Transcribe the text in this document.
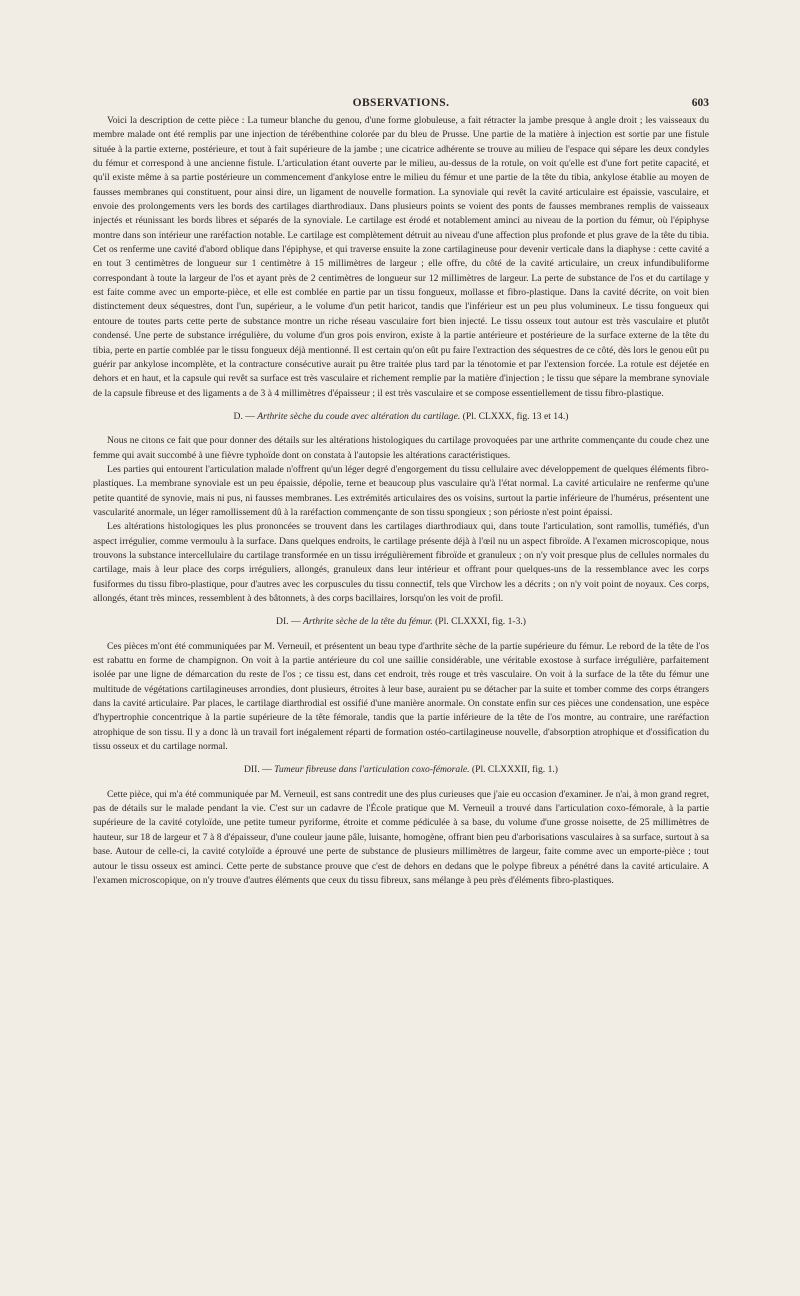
OBSERVATIONS.	603

Voici la description de cette pièce : La tumeur blanche du genou, d'une forme globuleuse, a fait rétracter la jambe presque à angle droit ; les vaisseaux du membre malade ont été remplis par une injection de térébenthine colorée par du bleu de Prusse. Une partie de la matière à injection est sortie par une fistule située à la partie externe, postérieure, et tout à fait supérieure de la jambe ; une cicatrice adhérente se trouve au milieu de l'espace qui sépare les deux condyles du fémur et correspond à une ancienne fistule. L'articulation étant ouverte par le milieu, au-dessus de la rotule, on voit qu'elle est d'une fort petite capacité, et qu'il existe même à sa partie postérieure un commencement d'ankylose entre le milieu du fémur et une partie de la tête du tibia, ankylose établie au moyen de fausses membranes qui constituent, pour ainsi dire, un ligament de nouvelle formation. La synoviale qui revêt la cavité articulaire est épaissie, vasculaire, et envoie des prolongements vers les bords des cartilages diarthrodiaux. Dans plusieurs points se voient des ponts de fausses membranes remplis de vaisseaux injectés et réunissant les bords libres et séparés de la synoviale. Le cartilage est érodé et notablement aminci au niveau de la portion du fémur, où l'épiphyse montre dans son intérieur une raréfaction notable. Le cartilage est complètement détruit au niveau d'une affection plus profonde et plus grave de la tête du tibia. Cet os renferme une cavité d'abord oblique dans l'épiphyse, et qui traverse ensuite la zone cartilagineuse pour devenir verticale dans la diaphyse : cette cavité a en tout 3 centimètres de longueur sur 1 centimètre à 15 millimètres de largeur ; elle offre, du côté de la cavité articulaire, un creux infundibuliforme correspondant à toute la largeur de l'os et ayant près de 2 centimètres de longueur sur 12 millimètres de largeur. La perte de substance de l'os et du cartilage y est faite comme avec un emporte-pièce, et elle est comblée en partie par un tissu fongueux, mollasse et fibro-plastique. Dans la cavité décrite, on voit bien distinctement deux séquestres, dont l'un, supérieur, a le volume d'un petit haricot, tandis que l'inférieur est un peu plus volumineux. Le tissu fongueux qui entoure de toutes parts cette perte de substance montre un riche réseau vasculaire fort bien injecté. Le tissu osseux tout autour est très vasculaire et plutôt condensé. Une perte de substance irrégulière, du volume d'un gros pois environ, existe à la partie antérieure et postérieure de la surface externe de la tête du tibia, perte en partie comblée par le tissu fongueux déjà mentionné. Il est certain qu'on eût pu faire l'extraction des séquestres de ce côté, dès lors le genou eût pu guérir par ankylose incomplète, et la contracture consécutive aurait pu être traitée plus tard par la ténotomie et par l'extension forcée. La rotule est déjetée en dehors et en haut, et la capsule qui revêt sa surface est très vasculaire et richement remplie par la matière d'injection ; le tissu que sépare la membrane synoviale de la capsule fibreuse et des ligaments a de 3 à 4 millimètres d'épaisseur ; il est très vasculaire et se compose essentiellement de tissu fibro-plastique.

D. — Arthrite sèche du coude avec altération du cartilage. (Pl. CLXXX, fig. 13 et 14.)

Nous ne citons ce fait que pour donner des détails sur les altérations histologiques du cartilage provoquées par une arthrite commençante du coude chez une femme qui avait succombé à une fièvre typhoïde dont on constata à l'autopsie les altérations caractéristiques.

Les parties qui entourent l'articulation malade n'offrent qu'un léger degré d'engorgement du tissu cellulaire avec développement de quelques éléments fibro-plastiques. La membrane synoviale est un peu épaissie, dépolie, terne et beaucoup plus vasculaire qu'à l'état normal. La cavité articulaire ne renferme qu'une petite quantité de synovie, mais ni pus, ni fausses membranes. Les extrémités articulaires des os voisins, surtout la partie inférieure de l'humérus, présentent une vascularité anormale, un léger ramollissement dû à la raréfaction commençante de son tissu spongieux ; son périoste n'est point épaissi.

Les altérations histologiques les plus prononcées se trouvent dans les cartilages diarthrodiaux qui, dans toute l'articulation, sont ramollis, tuméfiés, d'un aspect irrégulier, comme vermoulu à la surface. Dans quelques endroits, le cartilage présente déjà à l'œil nu un aspect fibroïde. A l'examen microscopique, nous trouvons la substance intercellulaire du cartilage transformée en un tissu irrégulièrement fibroïde et granuleux ; on n'y voit presque plus de cellules normales du cartilage, mais à leur place des corps irréguliers, allongés, granuleux dans leur intérieur et offrant pour quelques-uns de la ressemblance avec les corps fusiformes du tissu fibro-plastique, pour d'autres avec les corpuscules du tissu connectif, tels que Virchow les a décrits ; on n'y voit point de noyaux. Ces corps, allongés, étant très minces, ressemblent à des bâtonnets, à des corps bacillaires, lorsqu'on les voit de profil.

DI. — Arthrite sèche de la tête du fémur. (Pl. CLXXXI, fig. 1-3.)

Ces pièces m'ont été communiquées par M. Verneuil, et présentent un beau type d'arthrite sèche de la partie supérieure du fémur. Le rebord de la tête de l'os est rabattu en forme de champignon. On voit à la partie antérieure du col une saillie considérable, une véritable exostose à surface irrégulière, parfaitement isolée par une ligne de démarcation du reste de l'os ; ce tissu est, dans cet endroit, très rouge et très vasculaire. On voit à la surface de la tête du fémur une multitude de végétations cartilagineuses arrondies, dont plusieurs, étroites à leur base, auraient pu se détacher par la suite et tomber comme des corps étrangers dans la cavité articulaire. Par places, le cartilage diarthrodial est ossifié d'une manière anormale. On constate enfin sur ces pièces une condensation, une espèce d'hypertrophie concentrique à la partie supérieure de la tête fémorale, tandis que la partie inférieure de la tête de l'os montre, au contraire, une raréfaction atrophique de son tissu. Il y a donc là un travail fort inégalement réparti de formation ostéo-cartilagineuse nouvelle, d'absorption atrophique et d'ossification du tissu osseux et du cartilage normal.

DII. — Tumeur fibreuse dans l'articulation coxo-fémorale. (Pl. CLXXXII, fig. 1.)

Cette pièce, qui m'a été communiquée par M. Verneuil, est sans contredit une des plus curieuses que j'aie eu occasion d'examiner. Je n'ai, à mon grand regret, pas de détails sur le malade pendant la vie. C'est sur un cadavre de l'École pratique que M. Verneuil a trouvé dans l'articulation coxo-fémorale, à la partie supérieure de la cavité cotyloïde, une petite tumeur pyriforme, étroite et comme pédiculée à sa base, du volume d'une grosse noisette, de 25 millimètres de hauteur, sur 18 de largeur et 7 à 8 d'épaisseur, d'une couleur jaune pâle, luisante, homogène, offrant bien peu d'arborisations vasculaires à sa surface, surtout à sa base. Autour de celle-ci, la cavité cotyloïde a éprouvé une perte de substance de plusieurs millimètres de largeur, faite comme avec un emporte-pièce ; tout autour le tissu osseux est aminci. Cette perte de substance prouve que c'est de dehors en dedans que le polype fibreux a pénétré dans la cavité articulaire. A l'examen microscopique, on n'y trouve d'autres éléments que ceux du tissu fibreux, sans mélange à peu près d'éléments fibro-plastiques.
